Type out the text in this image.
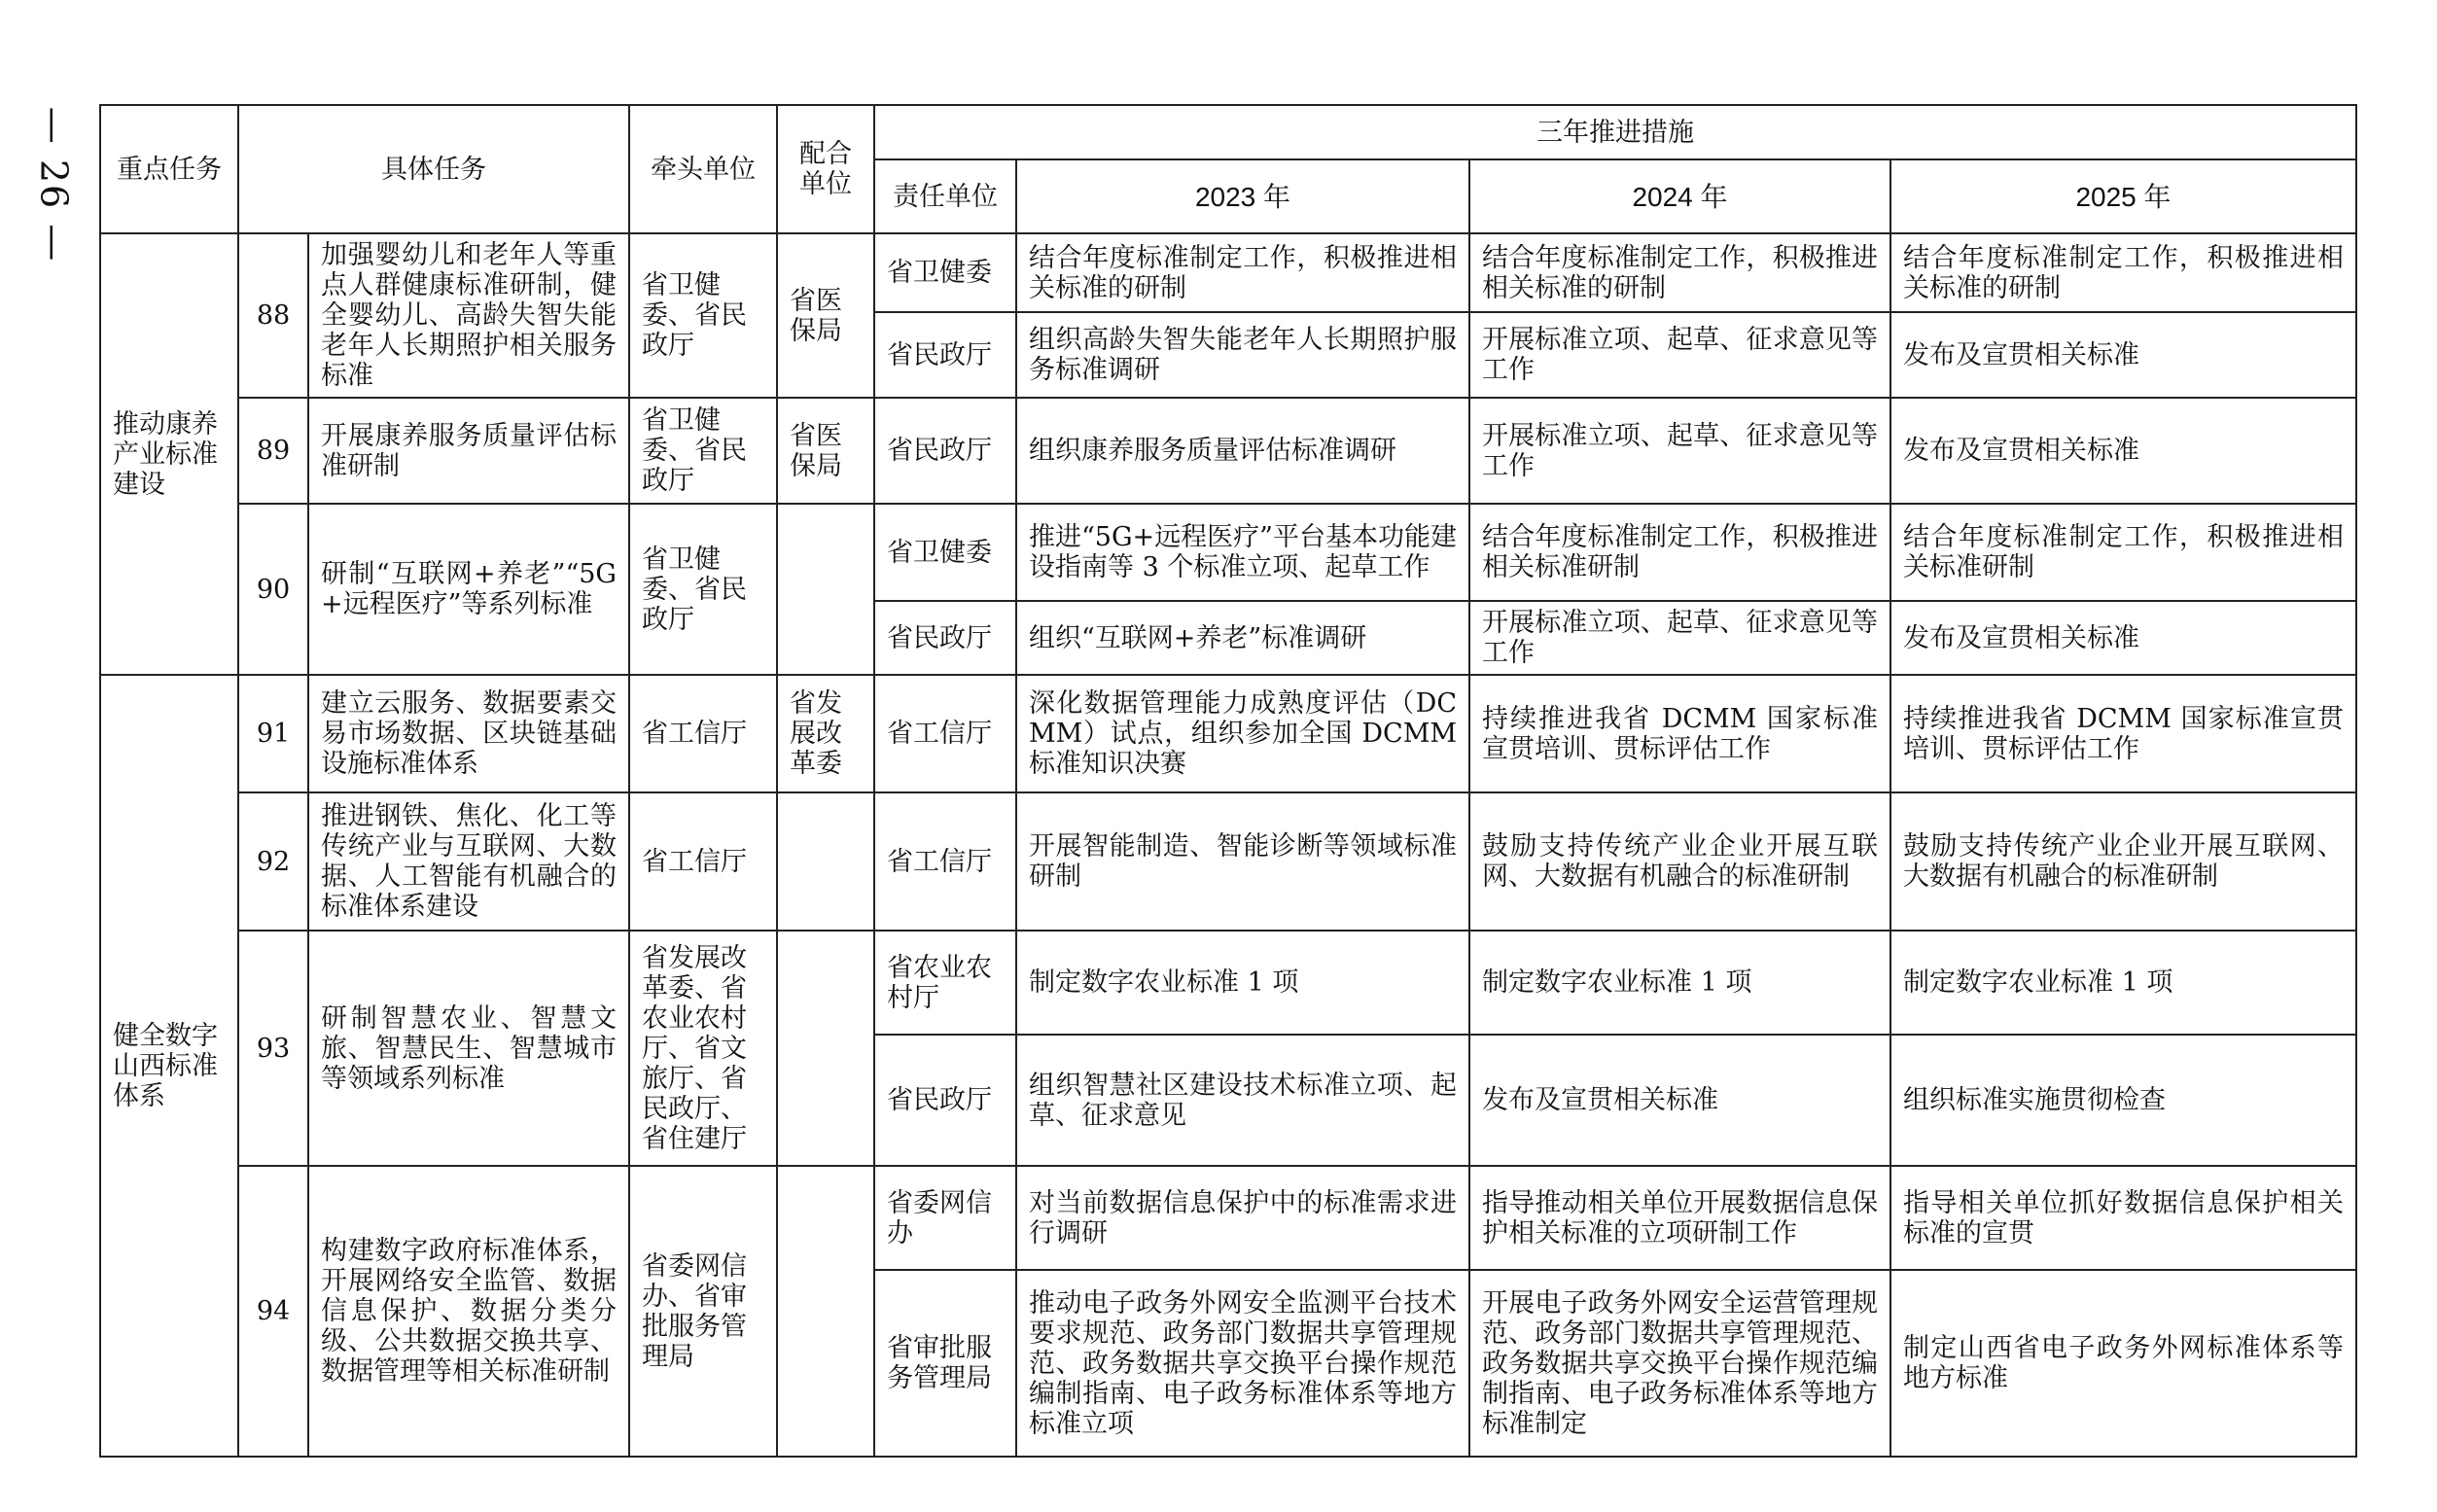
— 26 — 重点任务	具体任务		牵头单位	配合单位	三年推进措施			
					责任单位	2023 年	2024 年	2025 年
推动康养产业标准建设	88	加强婴幼儿和老年人等重点人群健康标准研制，健全婴幼儿、高龄失智失能老年人长期照护相关服务标准	省卫健委、省民政厅	省医保局	省卫健委	结合年度标准制定工作，积极推进相关标准的研制	结合年度标准制定工作，积极推进相关标准的研制	结合年度标准制定工作，积极推进相关标准的研制
					省民政厅	组织高龄失智失能老年人长期照护服务标准调研	开展标准立项、起草、征求意见等工作	发布及宣贯相关标准
	89	开展康养服务质量评估标准研制	省卫健委、省民政厅	省医保局	省民政厅	组织康养服务质量评估标准调研	开展标准立项、起草、征求意见等工作	发布及宣贯相关标准
	90	研制“互联网+养老”“5G+远程医疗”等系列标准	省卫健委、省民政厅		省卫健委	推进“5G+远程医疗”平台基本功能建设指南等 3 个标准立项、起草工作	结合年度标准制定工作，积极推进相关标准研制	结合年度标准制定工作，积极推进相关标准研制
					省民政厅	组织“互联网+养老”标准调研	开展标准立项、起草、征求意见等工作	发布及宣贯相关标准
健全数字山西标准体系	91	建立云服务、数据要素交易市场数据、区块链基础设施标准体系	省工信厅	省发展改革委	省工信厅	深化数据管理能力成熟度评估（DCMM）试点，组织参加全国 DCMM 标准知识决赛	持续推进我省 DCMM 国家标准宣贯培训、贯标评估工作	持续推进我省 DCMM 国家标准宣贯培训、贯标评估工作
	92	推进钢铁、焦化、化工等传统产业与互联网、大数据、人工智能有机融合的标准体系建设	省工信厅		省工信厅	开展智能制造、智能诊断等领域标准研制	鼓励支持传统产业企业开展互联网、大数据有机融合的标准研制	鼓励支持传统产业企业开展互联网、大数据有机融合的标准研制
	93	研制智慧农业、智慧文旅、智慧民生、智慧城市等领域系列标准	省发展改革委、省农业农村厅、省文旅厅、省民政厅、省住建厅		省农业农村厅	制定数字农业标准 1 项	制定数字农业标准 1 项	制定数字农业标准 1 项
					省民政厅	组织智慧社区建设技术标准立项、起草、征求意见	发布及宣贯相关标准	组织标准实施贯彻检查
	94	构建数字政府标准体系，开展网络安全监管、数据信息保护、数据分类分级、公共数据交换共享、数据管理等相关标准研制	省委网信办、省审批服务管理局		省委网信办	对当前数据信息保护中的标准需求进行调研	指导推动相关单位开展数据信息保护相关标准的立项研制工作	指导相关单位抓好数据信息保护相关标准的宣贯
					省审批服务管理局	推动电子政务外网安全监测平台技术要求规范、政务部门数据共享管理规范、政务数据共享交换平台操作规范编制指南、电子政务标准体系等地方标准立项	开展电子政务外网安全运营管理规范、政务部门数据共享管理规范、政务数据共享交换平台操作规范编制指南、电子政务标准体系等地方标准制定	制定山西省电子政务外网标准体系等地方标准
